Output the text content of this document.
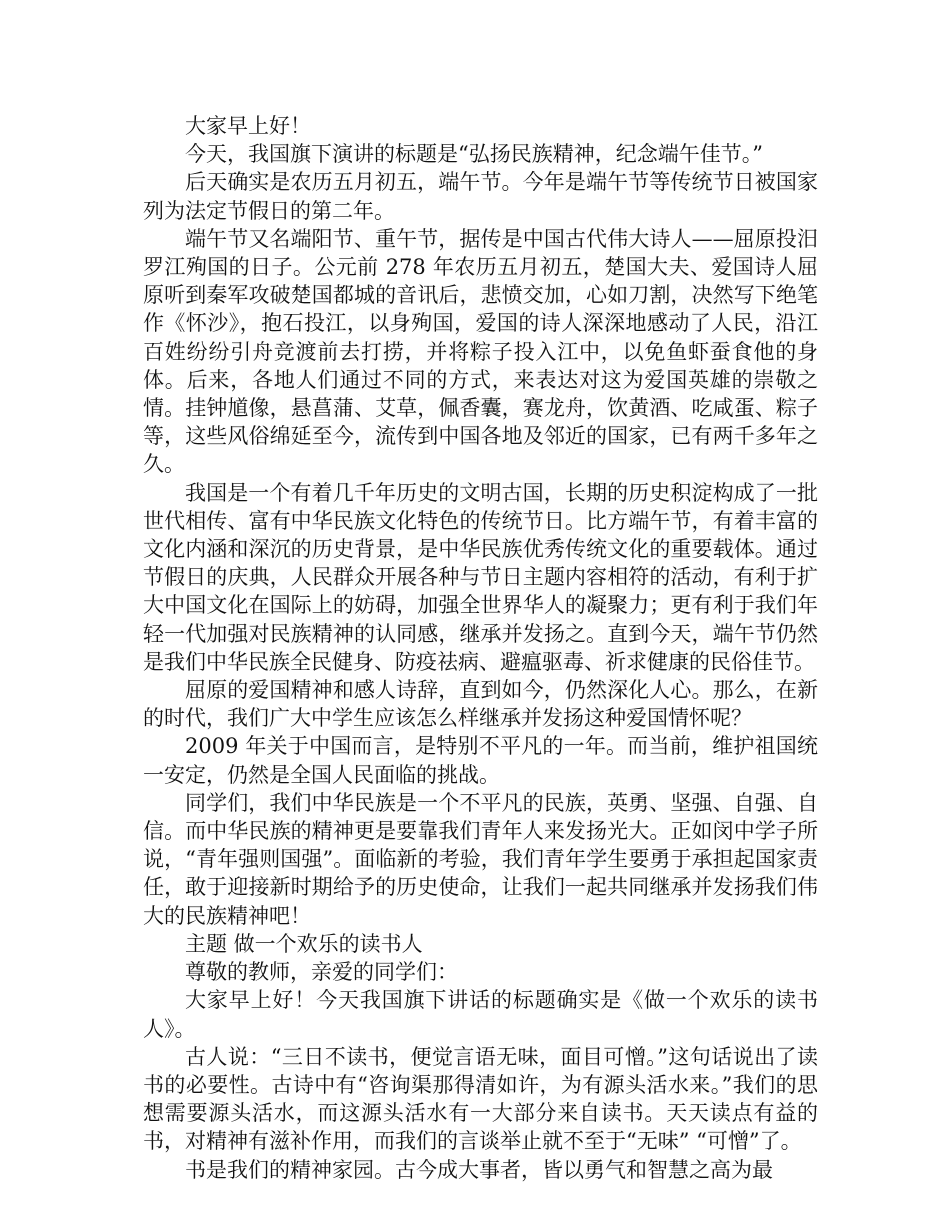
大家早上好！

今天，我国旗下演讲的标题是“弘扬民族精神，纪念端午佳节。”

后天确实是农历五月初五，端午节。今年是端午节等传统节日被国家列为法定节假日的第二年。

端午节又名端阳节、重午节，据传是中国古代伟大诗人——屈原投汨罗江殉国的日子。公元前 278 年农历五月初五，楚国大夫、爱国诗人屈原听到秦军攻破楚国都城的音讯后，悲愤交加，心如刀割，决然写下绝笔作《怀沙》，抱石投江，以身殉国，爱国的诗人深深地感动了人民，沿江百姓纷纷引舟竞渡前去打捞，并将粽子投入江中，以免鱼虾蚕食他的身体。后来，各地人们通过不同的方式，来表达对这为爱国英雄的崇敬之情。挂钟馗像，悬菖蒲、艾草，佩香囊，赛龙舟，饮黄酒、吃咸蛋、粽子等，这些风俗绵延至今，流传到中国各地及邻近的国家，已有两千多年之久。

我国是一个有着几千年历史的文明古国，长期的历史积淀构成了一批世代相传、富有中华民族文化特色的传统节日。比方端午节，有着丰富的文化内涵和深沉的历史背景，是中华民族优秀传统文化的重要载体。通过节假日的庆典，人民群众开展各种与节日主题内容相符的活动，有利于扩大中国文化在国际上的妨碍，加强全世界华人的凝聚力；更有利于我们年轻一代加强对民族精神的认同感，继承并发扬之。直到今天，端午节仍然是我们中华民族全民健身、防疫祛病、避瘟驱毒、祈求健康的民俗佳节。

屈原的爱国精神和感人诗辞，直到如今，仍然深化人心。那么，在新的时代，我们广大中学生应该怎么样继承并发扬这种爱国情怀呢？

2009 年关于中国而言，是特别不平凡的一年。而当前，维护祖国统一安定，仍然是全国人民面临的挑战。

同学们，我们中华民族是一个不平凡的民族，英勇、坚强、自强、自信。而中华民族的精神更是要靠我们青年人来发扬光大。正如闵中学子所说，“青年强则国强”。面临新的考验，我们青年学生要勇于承担起国家责任，敢于迎接新时期给予的历史使命，让我们一起共同继承并发扬我们伟大的民族精神吧！

主题 做一个欢乐的读书人

尊敬的教师，亲爱的同学们：

大家早上好！今天我国旗下讲话的标题确实是《做一个欢乐的读书人》。

古人说：“三日不读书，便觉言语无味，面目可憎。”这句话说出了读书的必要性。古诗中有“咨询渠那得清如许，为有源头活水来。”我们的思想需要源头活水，而这源头活水有一大部分来自读书。天天读点有益的书，对精神有滋补作用，而我们的言谈举止就不至于“无味” “可憎”了。

书是我们的精神家园。古今成大事者，皆以勇气和智慧之高为最
